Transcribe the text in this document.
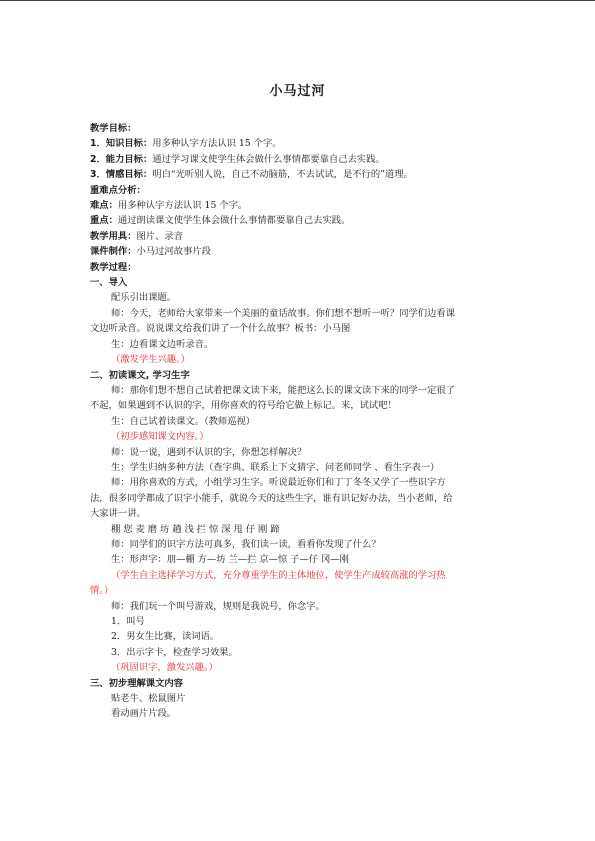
小马过河

教学目标：

1．知识目标：用多种认字方法认识 15 个字。

2．能力目标：通过学习课文使学生体会做什么事情都要靠自己去实践。

3．情感目标：明白“光听别人说，自己不动脑筋，不去试试，是不行的”道理。

重难点分析：

难点：用多种认字方法认识 15 个字。

重点：通过朗读课文使学生体会做什么事情都要靠自己去实践。

教学用具：图片、录音

课件制作：小马过河故事片段

教学过程：

一、导入

配乐引出课题。

师：今天，老师给大家带来一个美丽的童话故事。你们想不想听一听？同学们边看课

文边听录音。说说课文给我们讲了一个什么故事？板书：小马图

生：边看课文边听录音。

（激发学生兴趣。）

二、初读课文, 学习生字

师：那你们想不想自己试着把课文读下来，能把这么长的课文读下来的同学一定很了

不起，如果遇到不认识的字，用你喜欢的符号给它做上标记。来，试试吧！

生：自己试着读课文。（教师巡视）

（初步感知课文内容。）

师：说一说，遇到不认识的字，你想怎样解决？

生：学生归纳多种方法（查字典、联系上下文猜字、问老师同学 、看生字表一）

师：用你喜欢的方式，小组学习生字。听说最近你们和丁丁冬冬又学了一些识字方

法，很多同学都成了识字小能手，就说今天的这些生字，谁有识记好办法，当小老师，给

大家讲一讲。

棚 您 麦 磨 坊 趟 浅 拦 惊 深 甩 仔 刚 蹄

师：同学们的识字方法可真多，我们读一读，看看你发现了什么？

生：形声字：朋—棚 方—坊 兰—拦 京—惊 子—仔 冈—刚

（学生自主选择学习方式，充分尊重学生的主体地位，使学生产成较高涨的学习热

情。）

师：我们玩一个叫号游戏，规则是我说号，你念字。

1．叫号

2．男女生比赛，读词语。

3．出示字卡，检查学习效果。

（巩固识字，激发兴趣。）

三、初步理解课文内容

贴老牛、松鼠图片

看动画片片段。
